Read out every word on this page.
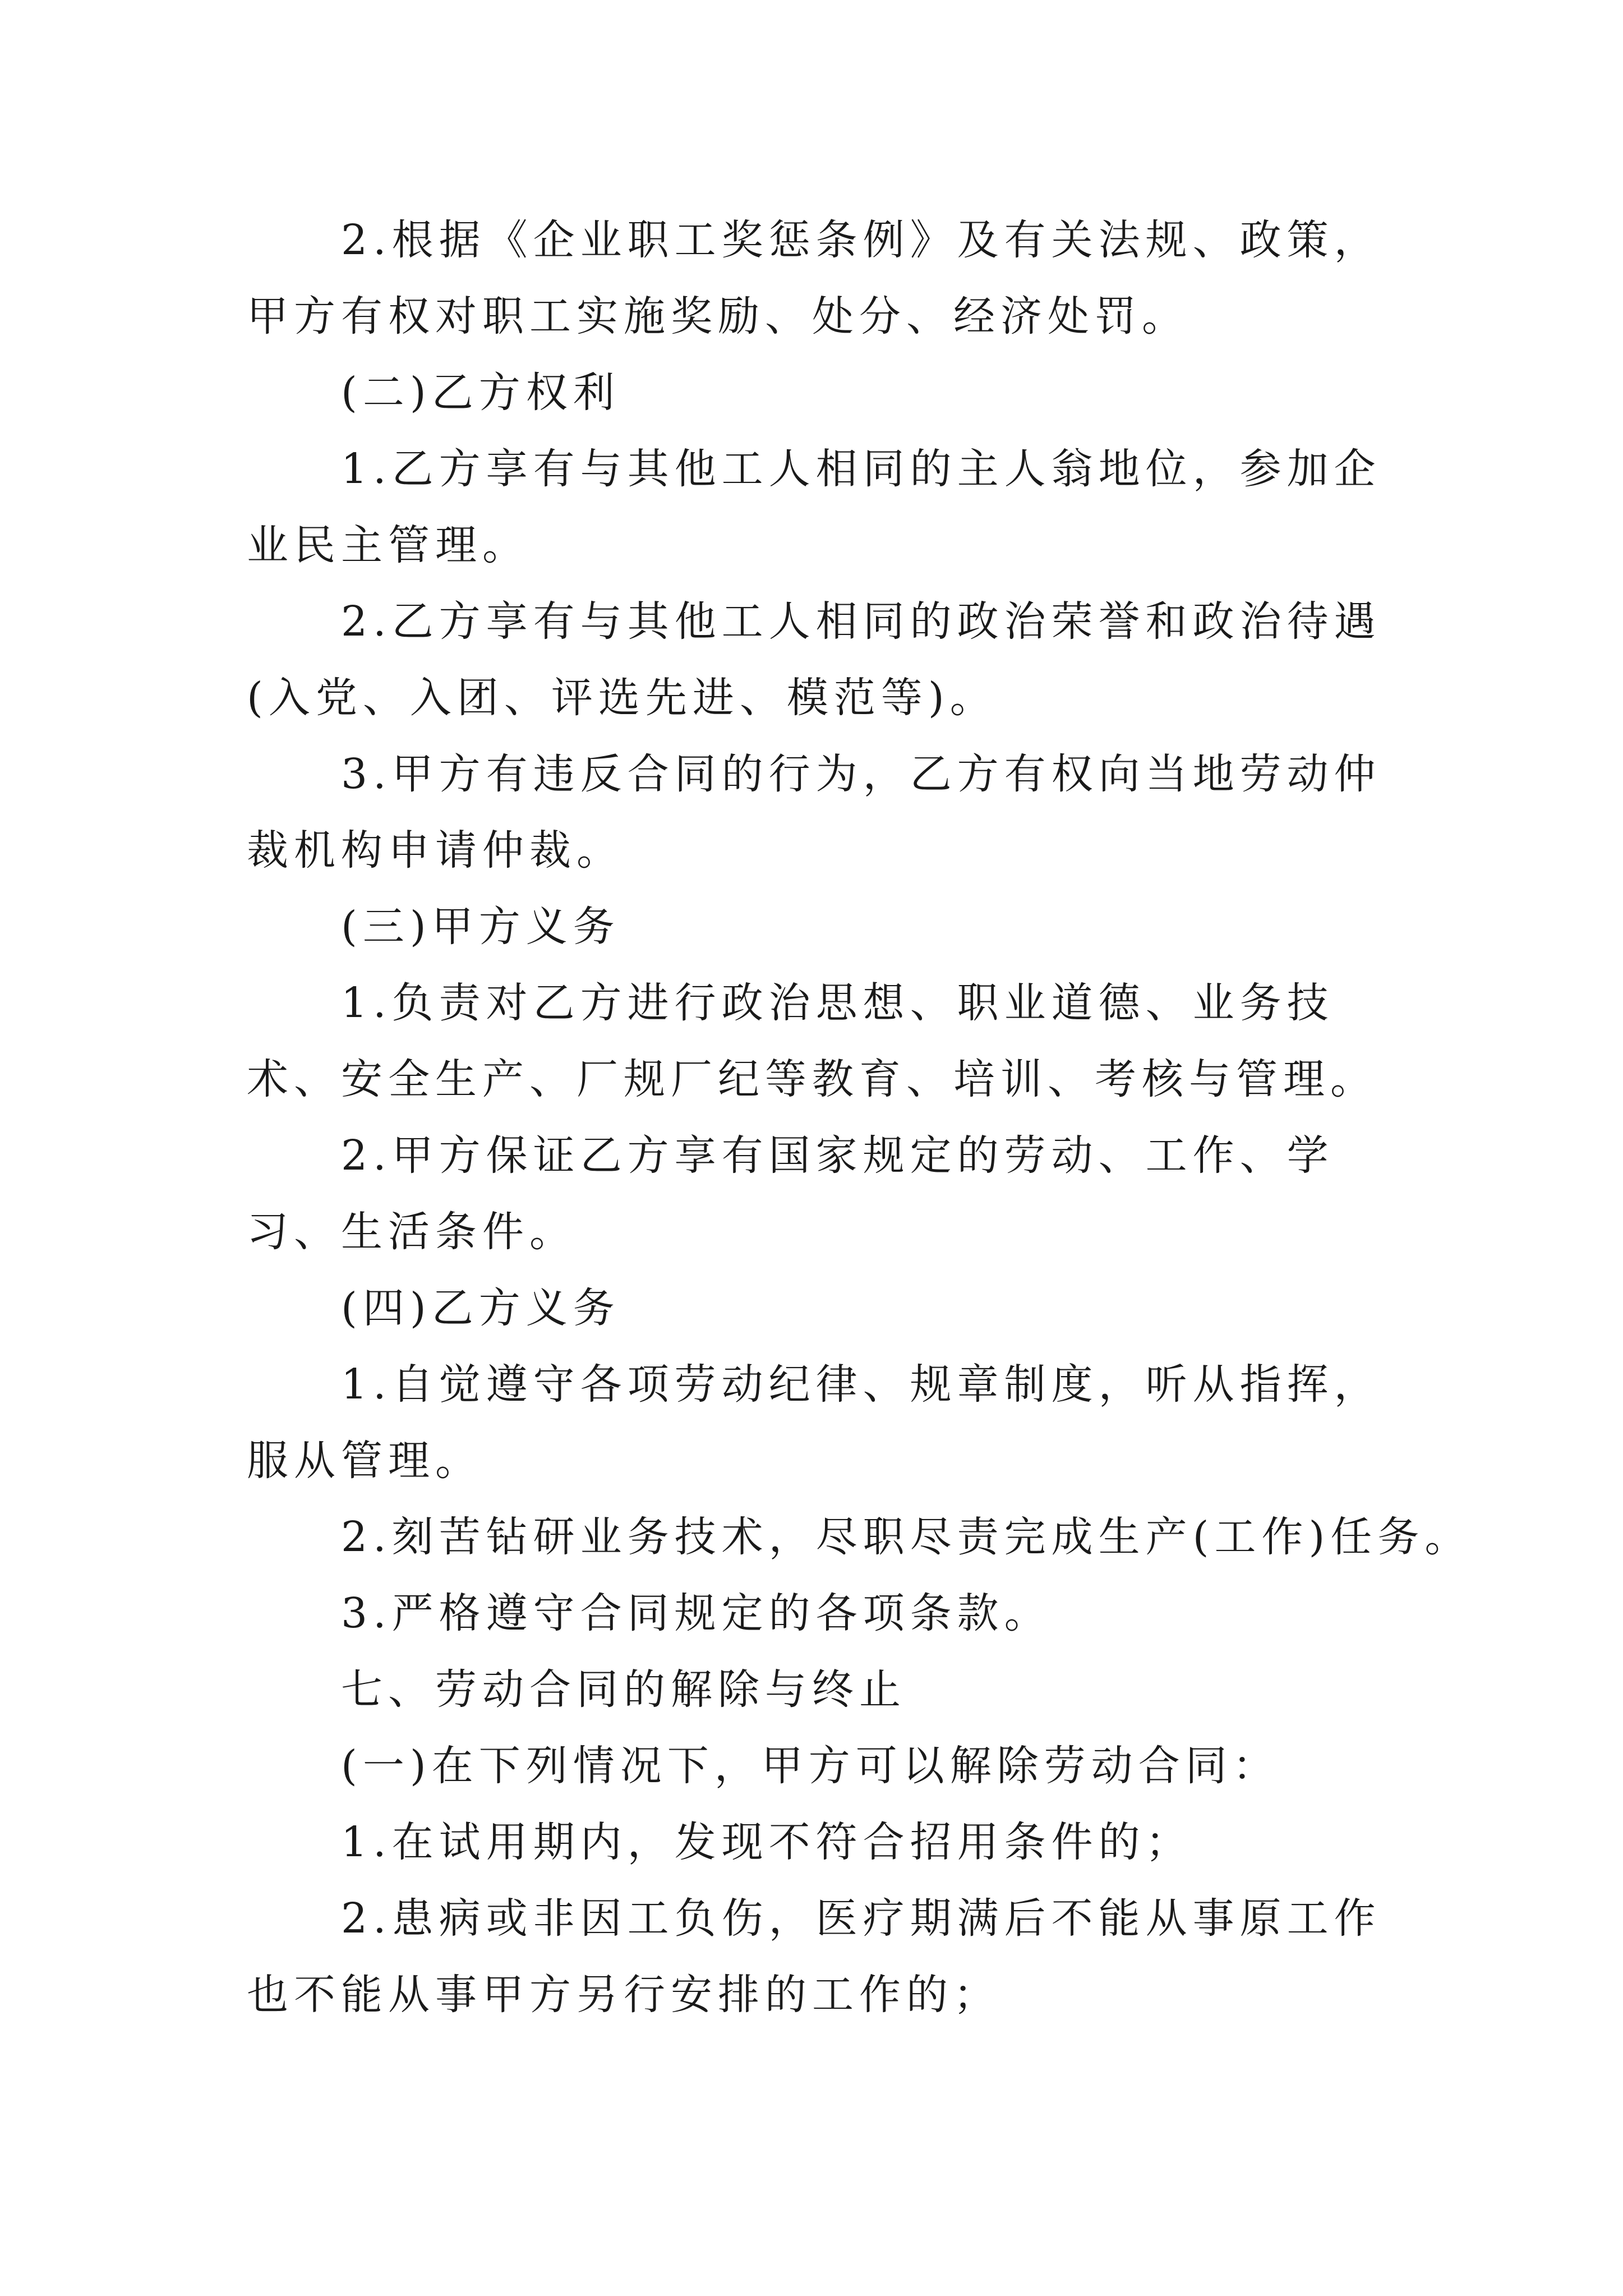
2.根据《企业职工奖惩条例》及有关法规、政策，甲方有权对职工实施奖励、处分、经济处罚。

(二)乙方权利

1.乙方享有与其他工人相同的主人翁地位，参加企业民主管理。

2.乙方享有与其他工人相同的政治荣誉和政治待遇(入党、入团、评选先进、模范等)。

3.甲方有违反合同的行为，乙方有权向当地劳动仲裁机构申请仲裁。

(三)甲方义务

1.负责对乙方进行政治思想、职业道德、业务技术、安全生产、厂规厂纪等教育、培训、考核与管理。

2.甲方保证乙方享有国家规定的劳动、工作、学习、生活条件。

(四)乙方义务

1.自觉遵守各项劳动纪律、规章制度，听从指挥，服从管理。

2.刻苦钻研业务技术，尽职尽责完成生产(工作)任务。

3.严格遵守合同规定的各项条款。

七、劳动合同的解除与终止

(一)在下列情况下，甲方可以解除劳动合同：

1.在试用期内，发现不符合招用条件的；

2.患病或非因工负伤，医疗期满后不能从事原工作也不能从事甲方另行安排的工作的；
